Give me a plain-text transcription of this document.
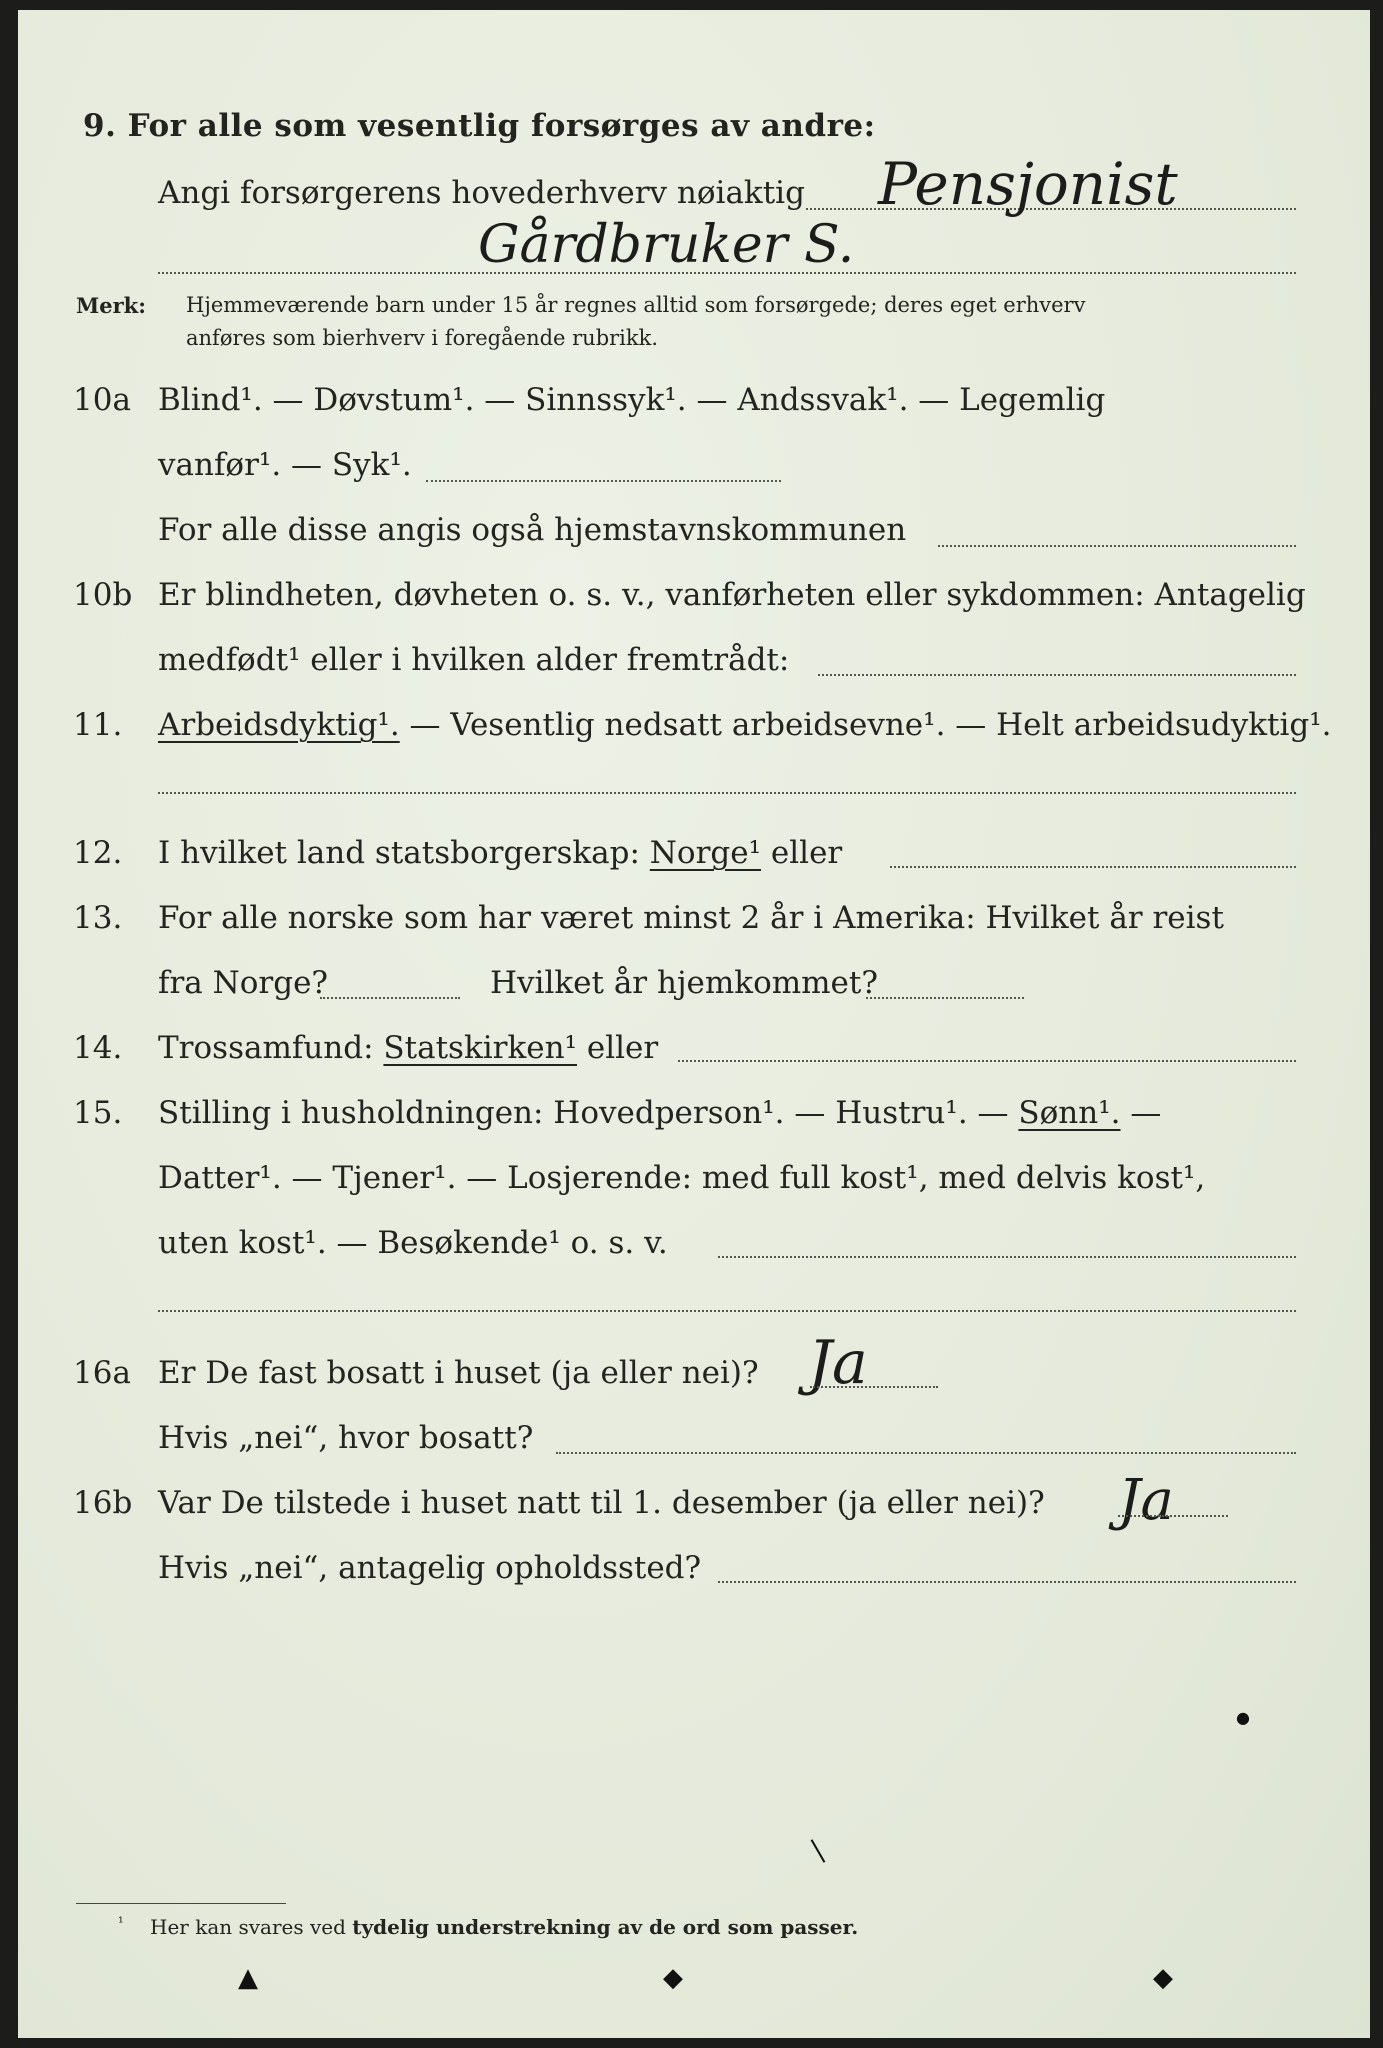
9. For alle som vesentlig forsørges av andre:
Angi forsørgerens hovederhverv nøiaktig Pensjonist
Gårdbruker S.
Merk: Hjemmeværende barn under 15 år regnes alltid som forsørgede; deres eget erhverv
anføres som bierhverv i foregående rubrikk.
10a Blind¹. — Døvstum¹. — Sinnssyk¹. — Andssvak¹. — Legemlig
vanfør¹. — Syk¹.
For alle disse angis også hjemstavnskommunen
10b Er blindheten, døvheten o. s. v., vanførheten eller sykdommen: Antagelig
medfødt¹ eller i hvilken alder fremtrådt:
11.	Arbeidsdyktig¹. — Vesentlig nedsatt arbeidsevne¹. — Helt arbeidsudyktig¹.
12.	I hvilket land statsborgerskap: Norge¹ eller
13.	For alle norske som har været minst 2 år i Amerika: Hvilket år reist
fra Norge?	Hvilket år hjemkommet?
14.	Trossamfund: Statskirken¹ eller
15.	Stilling i husholdningen: Hovedperson¹. — Hustru¹. — Sønn¹. —
Datter¹. — Tjener¹. — Losjerende: med full kost¹, med delvis kost¹,
uten kost¹. — Besøkende¹ o. s. v.
16a Er De fast bosatt i huset (ja eller nei)? Ja
Hvis „nei“, hvor bosatt?
16b Var De tilstede i huset natt til 1. desember (ja eller nei)? Ja
Hvis „nei“, antagelig opholdssted?
●
|
¹ Her kan svares ved tydelig understrekning av de ord som passer.
▲	◆	◆
